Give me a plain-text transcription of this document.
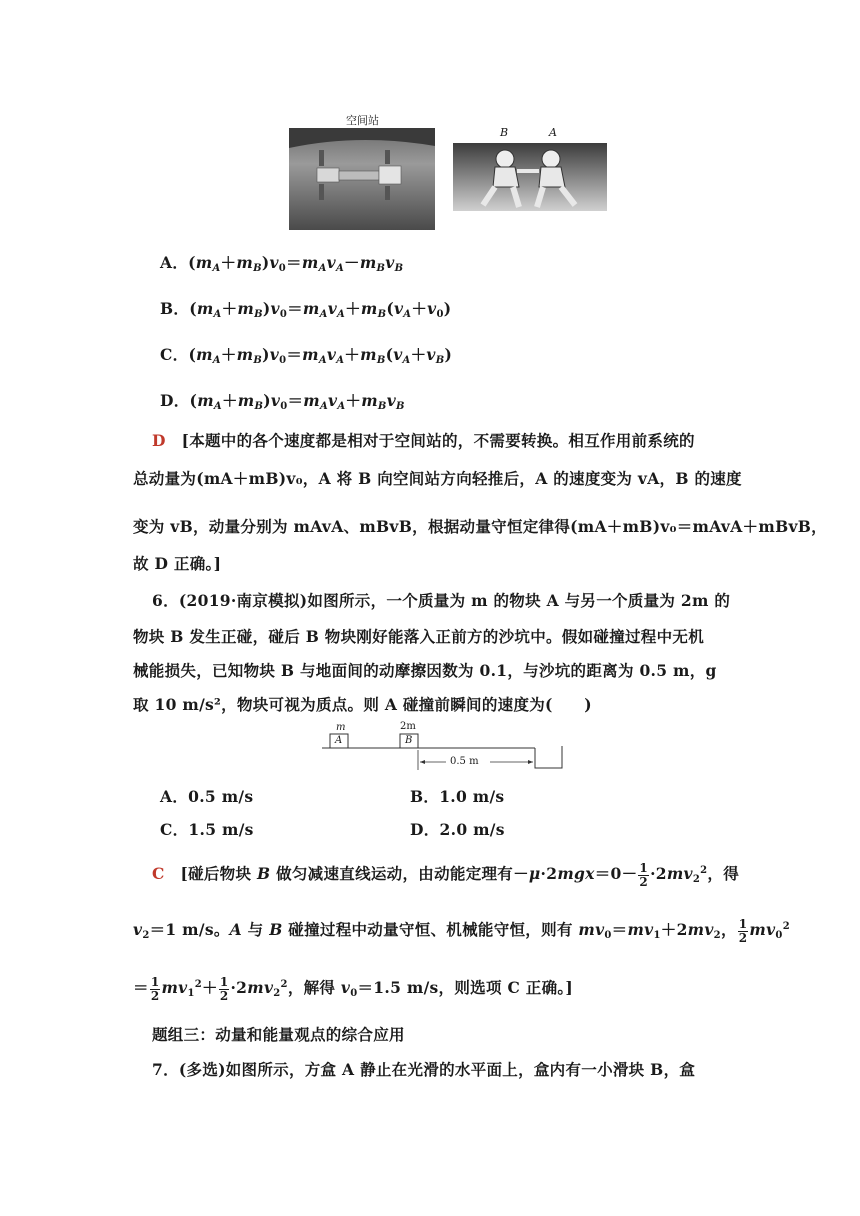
空间站
B	A
A．$(m_A+m_B)v_0=m_Av_A-m_Bv_B$
B．$(m_A+m_B)v_0=m_Av_A+m_B(v_A+v_0)$
C．$(m_A+m_B)v_0=m_Av_A+m_B(v_A+v_B)$
D．$(m_A+m_B)v_0=m_Av_A+m_Bv_B$
D　 [本题中的各个速度都是相对于空间站的，不需要转换。相互作用前系统的
总动量为(mA＋mB)v₀，A 将 B 向空间站方向轻推后，A 的速度变为 vA，B 的速度
变为 vB，动量分别为 mAvA、mBvB，根据动量守恒定律得(mA＋mB)v₀＝mAvA＋mBvB，
故 D 正确。]
6．(2019·南京模拟)如图所示，一个质量为 m 的物块 A 与另一个质量为 2m 的
物块 B 发生正碰，碰后 B 物块刚好能落入正前方的沙坑中。假如碰撞过程中无机
械能损失，已知物块 B 与地面间的动摩擦因数为 0.1，与沙坑的距离为 0.5 m，g
取 10 m/s²，物块可视为质点。则 A 碰撞前瞬间的速度为(　　)
m	2m
A	B
0.5 m
A．0.5 m/s	B．1.0 m/s
C．1.5 m/s	D．2.0 m/s
C　[碰后物块 B 做匀减速直线运动，由动能定理有$-\mu\cdot 2mgx=0- \frac{1}{2} \cdot 2mv_2^2$，得
$v_2=1$ m/s。A 与 B 碰撞过程中动量守恒、机械能守恒，则有 $mv_0=mv_1+2mv_2$， $\frac{1}{2} mv_0^2$
＝ $\frac{1}{2} mv_1^2+ \frac{1}{2} \cdot 2mv_2^2$，解得 $v_0=1.5$ m/s，则选项 C 正确。]
题组三：动量和能量观点的综合应用
7．(多选)如图所示，方盒 A 静止在光滑的水平面上，盒内有一小滑块 B，盒
